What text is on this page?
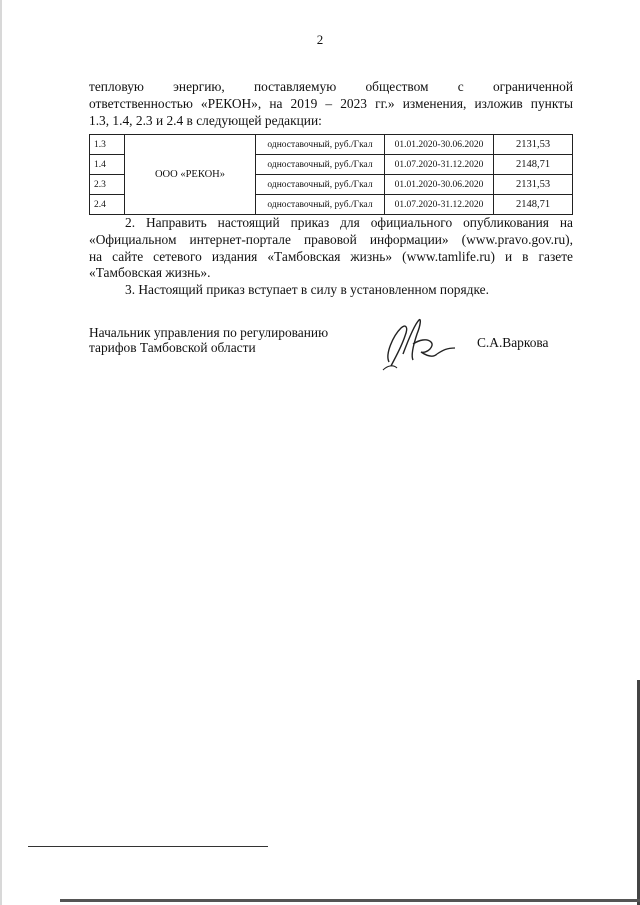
2
тепловую энергию, поставляемую обществом с ограниченной
ответственностью «РЕКОН», на 2019 – 2023 гг.» изменения, изложив пункты
1.3, 1.4, 2.3 и 2.4 в следующей редакции:
1.3	ООО «РЕКОН»	одноставочный, руб./Гкал	01.01.2020-30.06.2020	2131,53
1.4		одноставочный, руб./Гкал	01.07.2020-31.12.2020	2148,71
2.3		одноставочный, руб./Гкал	01.01.2020-30.06.2020	2131,53
2.4		одноставочный, руб./Гкал	01.07.2020-31.12.2020	2148,71
2. Направить настоящий приказ для официального опубликования на
«Официальном интернет-портале правовой информации» (www.pravo.gov.ru),
на сайте сетевого издания «Тамбовская жизнь» (www.tamlife.ru) и в газете
«Тамбовская жизнь».
3. Настоящий приказ вступает в силу в установленном порядке.
Начальник управления по регулированию
тарифов Тамбовской области	С.А.Варкова
